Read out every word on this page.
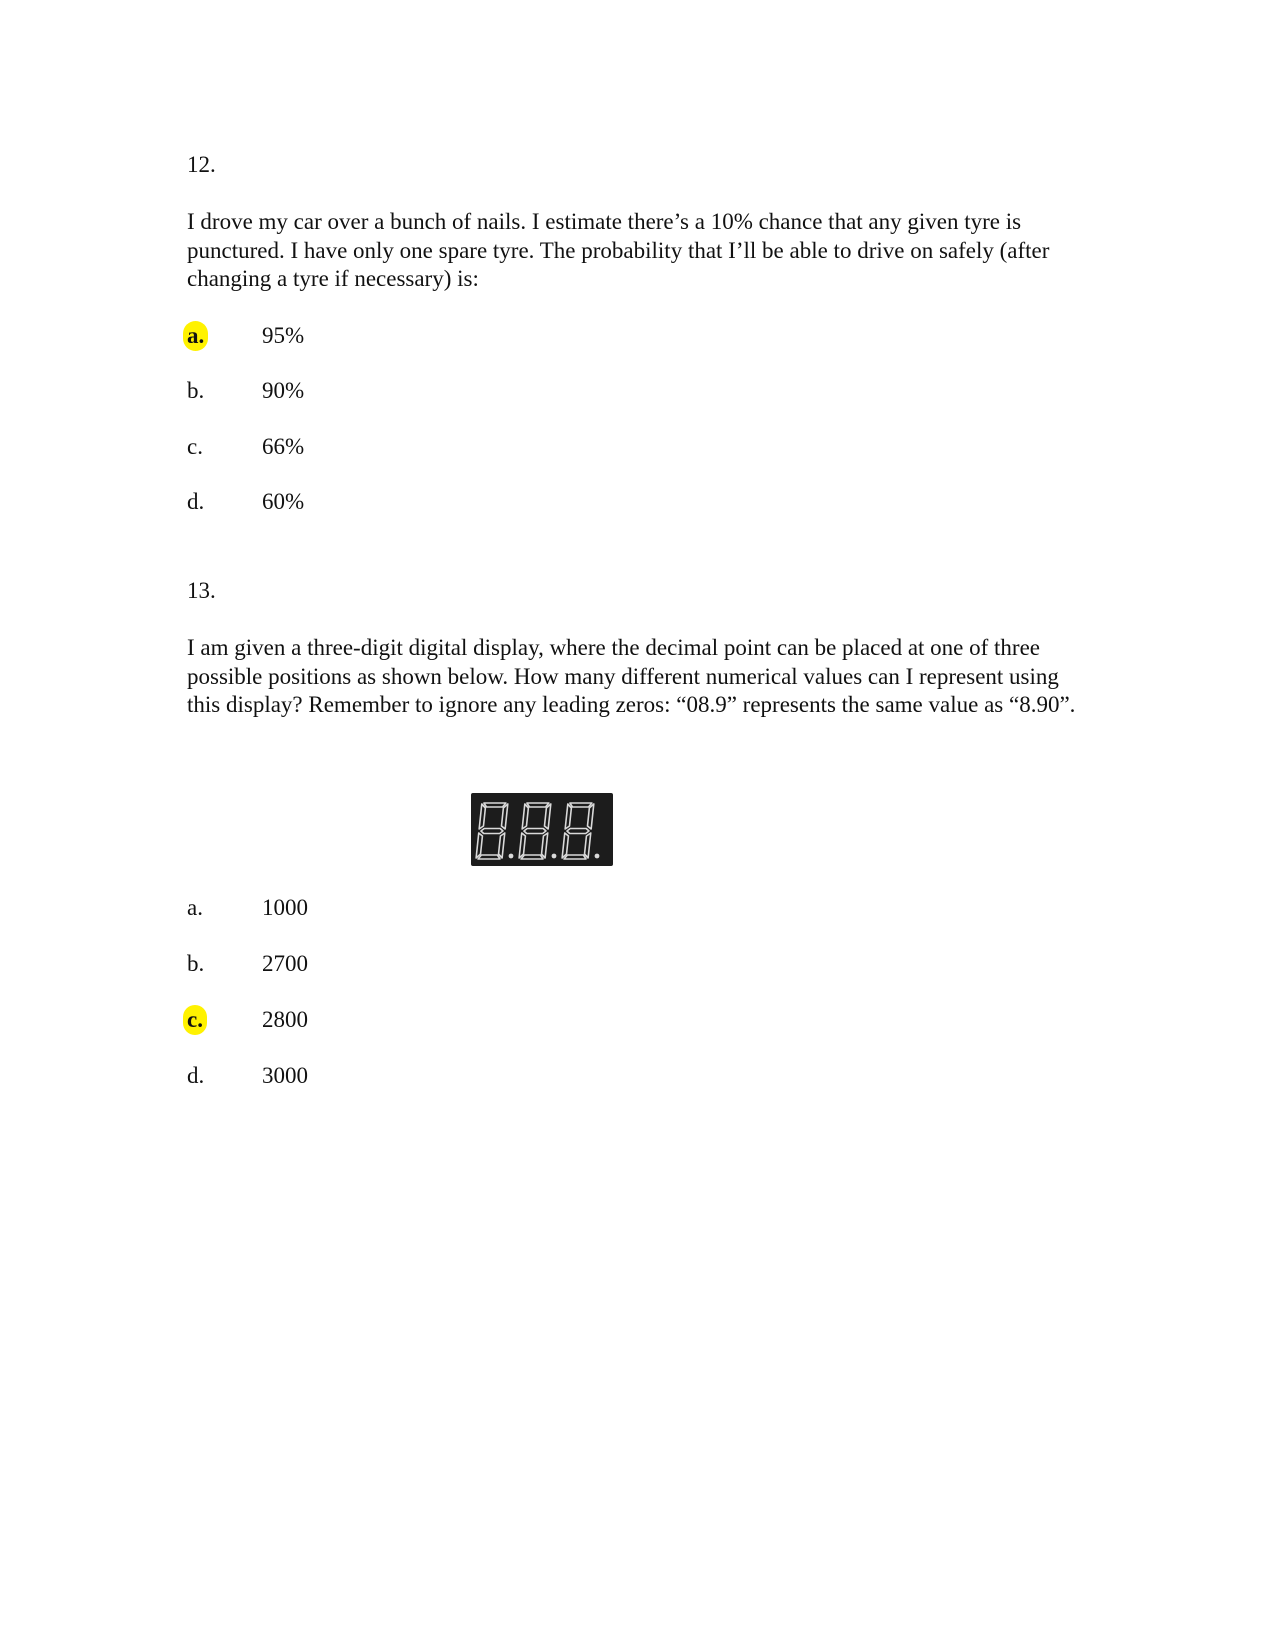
12.
I drove my car over a bunch of nails. I estimate there’s a 10% chance that any given tyre is punctured. I have only one spare tyre. The probability that I’ll be able to drive on safely (after changing a tyre if necessary) is:
a.	95%
b.	90%
c.	66%
d.	60%
13.
I am given a three-digit digital display, where the decimal point can be placed at one of three possible positions as shown below. How many different numerical values can I represent using this display? Remember to ignore any leading zeros: “08.9” represents the same value as “8.90”.
a.	1000
b.	2700
c.	2800
d.	3000
